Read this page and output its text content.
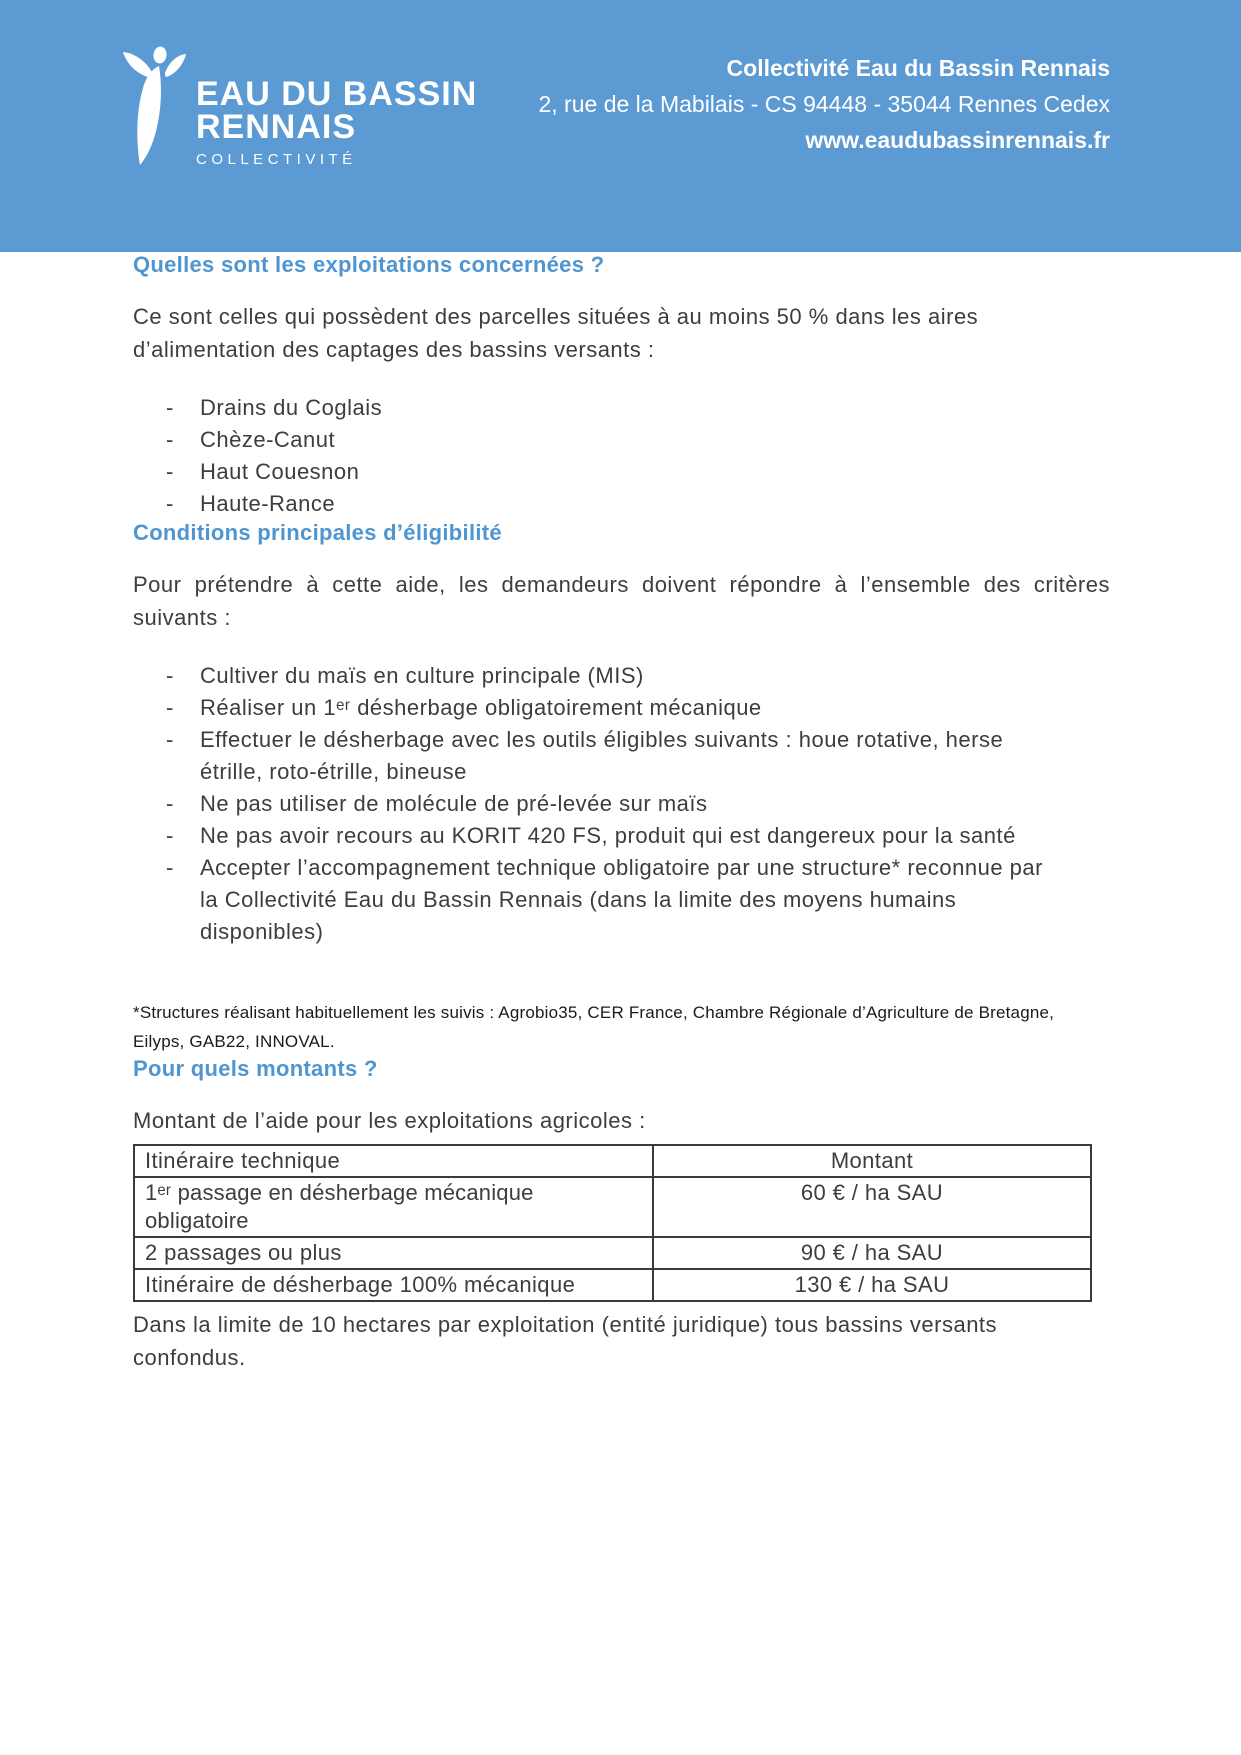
EAU DU BASSIN
RENNAIS
COLLECTIVITÉ
Collectivité Eau du Bassin Rennais
2, rue de la Mabilais - CS 94448 - 35044 Rennes Cedex
www.eaudubassinrennais.fr
Quelles sont les exploitations concernées ?

Ce sont celles qui possèdent des parcelles situées à au moins 50 % dans les aires d’alimentation des captages des bassins versants :

- Drains du Coglais
- Chèze-Canut
- Haut Couesnon
- Haute-Rance
Conditions principales d’éligibilité

Pour prétendre à cette aide, les demandeurs doivent répondre à l’ensemble des critères suivants :

- Cultiver du maïs en culture principale (MIS)
- Réaliser un 1ᵉʳ désherbage obligatoirement mécanique
- Effectuer le désherbage avec les outils éligibles suivants : houe rotative, herse étrille, roto-étrille, bineuse
- Ne pas utiliser de molécule de pré-levée sur maïs
- Ne pas avoir recours au KORIT 420 FS, produit qui est dangereux pour la santé
- Accepter l’accompagnement technique obligatoire par une structure* reconnue par la Collectivité Eau du Bassin Rennais (dans la limite des moyens humains disponibles)

*Structures réalisant habituellement les suivis : Agrobio35, CER France, Chambre Régionale d’Agriculture de Bretagne, Eilyps, GAB22, INNOVAL.

Pour quels montants ?

Montant de l’aide pour les exploitations agricoles :

Itinéraire technique	Montant
1ᵉʳ passage en désherbage mécanique obligatoire	60 € / ha SAU
2 passages ou plus	90 € / ha SAU
Itinéraire de désherbage 100% mécanique	130 € / ha SAU

Dans la limite de 10 hectares par exploitation (entité juridique) tous bassins versants confondus.
